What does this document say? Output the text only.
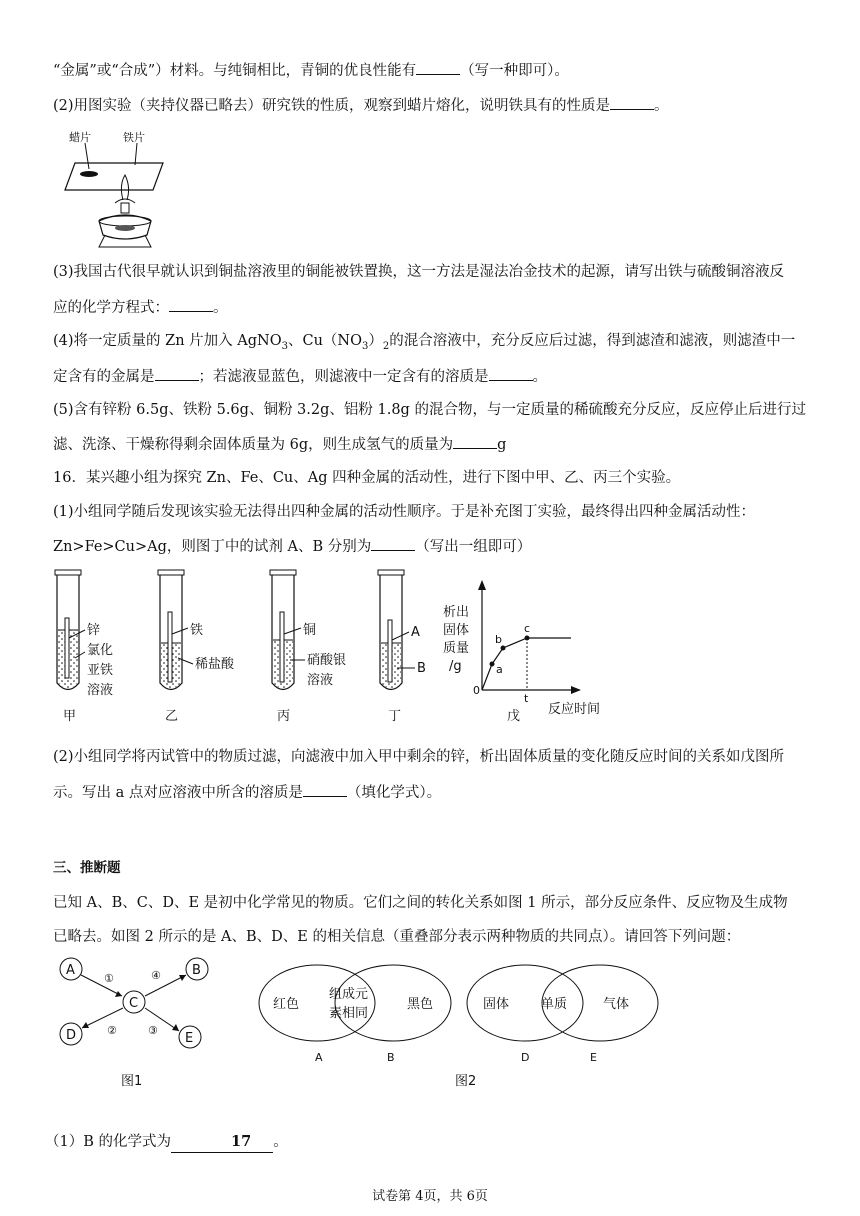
“金属”或“合成”）材料。与纯铜相比，青铜的优良性能有	（写一种即可）。
(2)用图实验（夹持仪器已略去）研究铁的性质，观察到蜡片熔化，说明铁具有的性质是	。
蜡片	铁片
(3)我国古代很早就认识到铜盐溶液里的铜能被铁置换，这一方法是湿法冶金技术的起源，请写出铁与硫酸铜溶液反
应的化学方程式：	。
(4)将一定质量的 Zn 片加入 AgNO$_3$、$Cu(NO_3)_2$的混合溶液中，充分反应后过滤，得到滤渣和滤液，则滤渣中一
定含有的金属是	；若滤液显蓝色，则滤液中一定含有的溶质是	。
(5)含有锌粉 6.5g、铁粉 5.6g、铜粉 3.2g、铝粉 1.8g 的混合物，与一定质量的稀硫酸充分反应，反应停止后进行过
滤、洗涤、干燥称得剩余固体质量为 6g，则生成氢气的质量为	g
16．某兴趣小组为探究 Zn、Fe、Cu、Ag 四种金属的活动性，进行下图中甲、乙、丙三个实验。
(1)小组同学随后发现该实验无法得出四种金属的活动性顺序。于是补充图丁实验，最终得出四种金属活动性：
Zn>Fe>Cu>Ag，则图丁中的试剂 A、B 分别为	（写出一组即可）
锌
氯化
亚铁
溶液
甲
铁
稀盐酸
乙
铜
硝酸银
溶液
丙
A
B
丁
析出
固体
质量
/g
0
a
b
c
t
反应时间
戊
(2)小组同学将丙试管中的物质过滤，向滤液中加入甲中剩余的锌，析出固体质量的变化随反应时间的关系如戊图所
示。写出 a 点对应溶液中所含的溶质是	（填化学式）。
三、推断题
已知 A、B、C、D、E 是初中化学常见的物质。它们之间的转化关系如图 1 所示，部分反应条件、反应物及生成物
已略去。如图 2 所示的是 A、B、D、E 的相关信息（重叠部分表示两种物质的共同点）。请回答下列问题：
A	B
C
D	E
①
②	③
④
图1
红色
组成元
素相同
黑色
A	B
固体 单质	气体
D	E
图2
（1）B 的化学式为	17 。
试卷第 4页，共 6页
